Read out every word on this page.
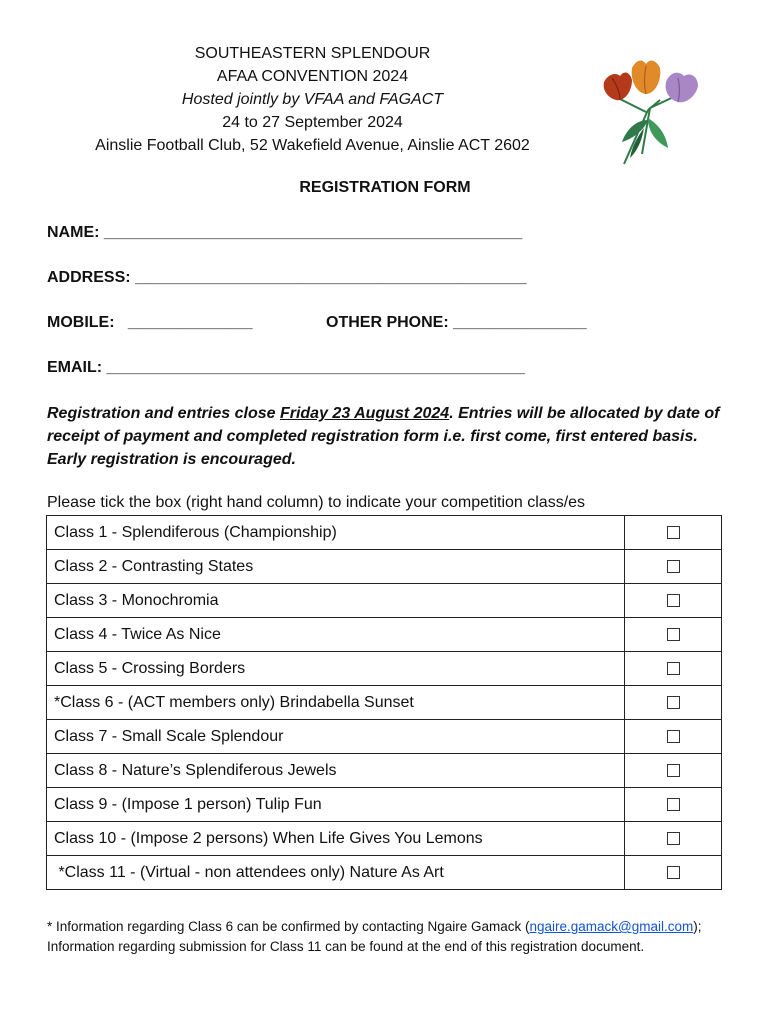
SOUTHEASTERN SPLENDOUR
AFAA CONVENTION 2024
Hosted jointly by VFAA and FAGACT
24 to 27 September 2024
Ainslie Football Club, 52 Wakefield Avenue, Ainslie ACT 2602
REGISTRATION FORM
NAME: _______________________________________________
ADDRESS: ____________________________________________
MOBILE:   ______________	OTHER PHONE: _______________
EMAIL: _______________________________________________
Registration and entries close Friday 23 August 2024. Entries will be allocated by date of receipt of payment and completed registration form i.e. first come, first entered basis. Early registration is encouraged.
Please tick the box (right hand column) to indicate your competition class/es
Class 1 - Splendiferous (Championship)	
Class 2 - Contrasting States	
Class 3 - Monochromia	
Class 4 - Twice As Nice	
Class 5 - Crossing Borders	
*Class 6 - (ACT members only) Brindabella Sunset	
Class 7 - Small Scale Splendour	
Class 8 - Nature’s Splendiferous Jewels	
Class 9 - (Impose 1 person) Tulip Fun	
Class 10 - (Impose 2 persons) When Life Gives You Lemons	
*Class 11 - (Virtual - non attendees only) Nature As Art	
* Information regarding Class 6 can be confirmed by contacting Ngaire Gamack (ngaire.gamack@gmail.com); Information regarding submission for Class 11 can be found at the end of this registration document.
